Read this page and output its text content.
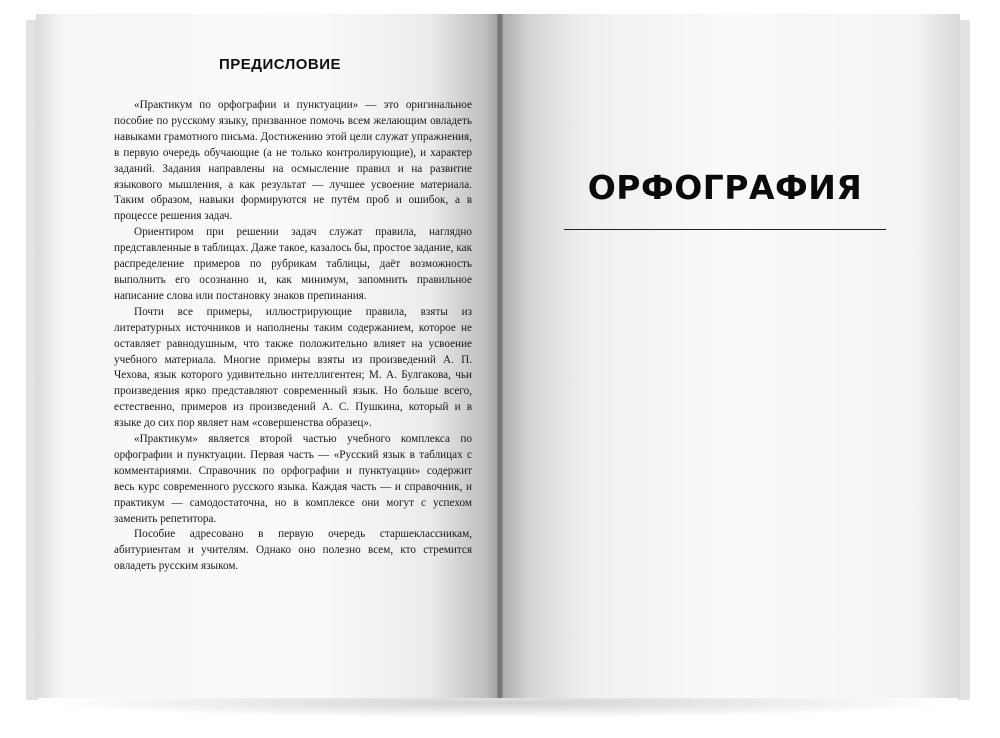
ПРЕДИСЛОВИЕ

«Практикум по орфографии и пунктуации» — это оригинальное пособие по русскому языку, призванное помочь всем желающим овладеть навыками грамотного письма. Достижению этой цели служат упражнения, в первую очередь обучающие (а не только контролирующие), и характер заданий. Задания направлены на осмысление правил и на развитие языкового мышления, а как результат — лучшее усвоение материала. Таким образом, навыки формируются не путём проб и ошибок, а в процессе решения задач.

Ориентиром при решении задач служат правила, наглядно представленные в таблицах. Даже такое, казалось бы, простое задание, как распределение примеров по рубрикам таблицы, даёт возможность выполнить его осознанно и, как минимум, запомнить правильное написание слова или постановку знаков препинания.

Почти все примеры, иллюстрирующие правила, взяты из литературных источников и наполнены таким содержанием, которое не оставляет равнодушным, что также положительно влияет на усвоение учебного материала. Многие примеры взяты из произведений А. П. Чехова, язык которого удивительно интеллигентен; М. А. Булгакова, чьи произведения ярко представляют современный язык. Но больше всего, естественно, примеров из произведений А. С. Пушкина, который и в языке до сих пор являет нам «совершенства образец».

«Практикум» является второй частью учебного комплекса по орфографии и пунктуации. Первая часть — «Русский язык в таблицах с комментариями. Справочник по орфографии и пунктуации» содержит весь курс современного русского языка. Каждая часть — и справочник, и практикум — самодостаточна, но в комплексе они могут с успехом заменить репетитора.

Пособие адресовано в первую очередь старшеклассникам, абитуриентам и учителям. Однако оно полезно всем, кто стремится овладеть русским языком.

ОРФОГРАФИЯ
